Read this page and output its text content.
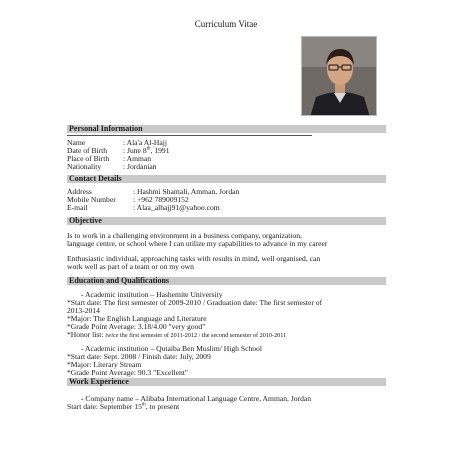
Curriculum Vitae
Personal Information
Name	: Ala'a Al-Hajj
Date of Birth : June 8th, 1991
Place of Birth : Amman
Nationality	: Jordanian
Contact Details
Address	: Hashmi Shamali, Amman, Jordan
Mobile Number : +962 789009152
E-mail	: Alaa_alhajj91@yahoo.com
Objective
Is to work in a challenging environment in a business company, organization,
language centre, or school where I can utilize my capabilities to advance in my career
Enthusiastic individual, approaching tasks with results in mind, well organised, can
work well as part of a team or on my own
Education and Qualifications
- Academic institution – Hashemite University
*Start date: The first semester of 2009-2010 / Graduation date: The first semester of
2013-2014
*Major: The English Language and Literature
*Grade Point Average: 3.18/4.00 "very good"
*Honor list: twice the first semester of 2011-2012 / the second semester of 2010-2011
- Academic institution – Qutaiba Ben Muslim/ High School
*Start date: Sept. 2008 / Finish date: July, 2009
*Major: Literary Stream
*Grade Point Average: 90.3 "Excellent"
Work Experience
- Company name – Alibaba International Language Centre, Amman, Jordan
Start date: September 15th, to present
